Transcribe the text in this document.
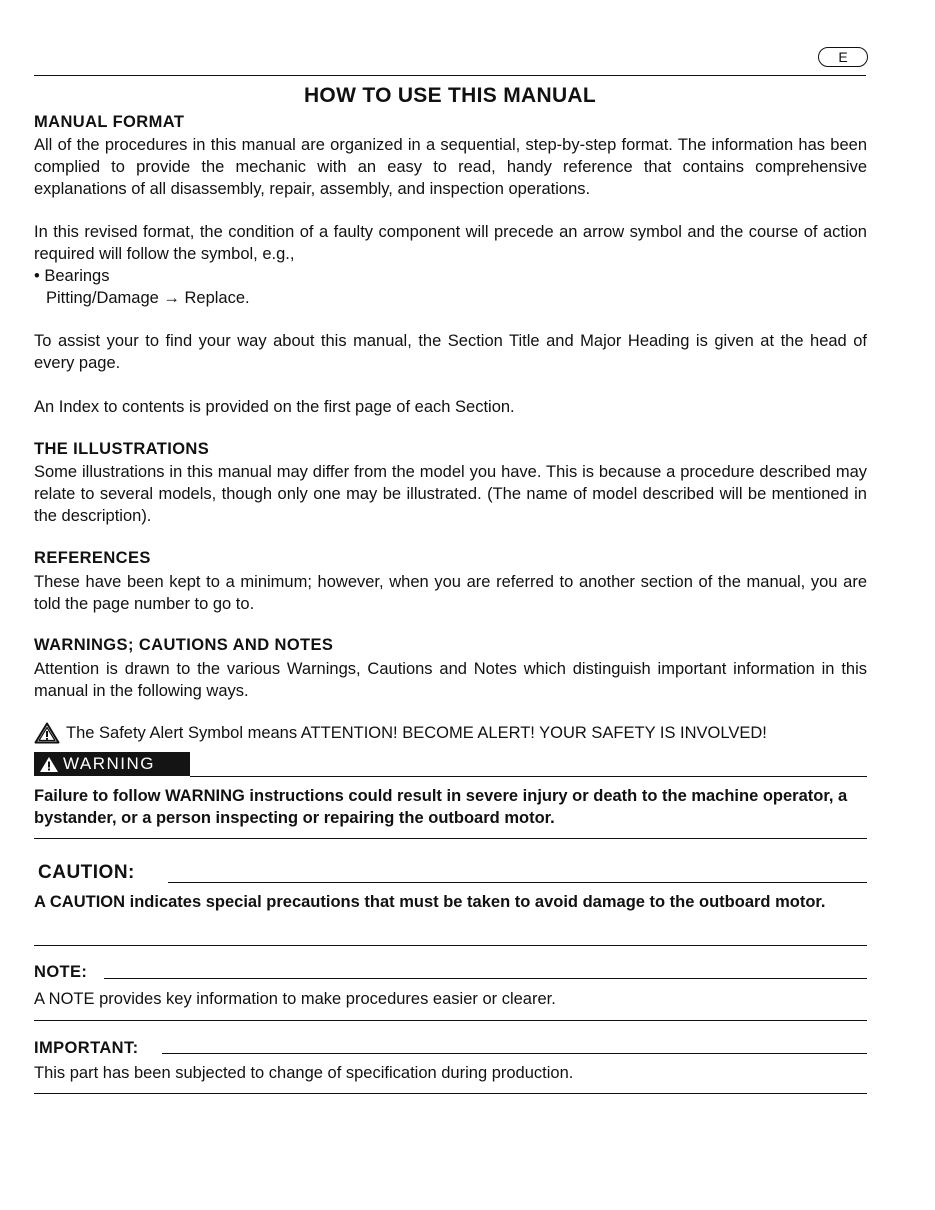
E
HOW TO USE THIS MANUAL
MANUAL FORMAT
All of the procedures in this manual are organized in a sequential, step-by-step format. The information has been complied to provide the mechanic with an easy to read, handy reference that contains comprehensive explanations of all disassembly, repair, assembly, and inspection operations.
In this revised format, the condition of a faulty component will precede an arrow symbol and the course of action required will follow the symbol, e.g.,
• Bearings
Pitting/Damage → Replace.
To assist your to find your way about this manual, the Section Title and Major Heading is given at the head of every page.
An Index to contents is provided on the first page of each Section.
THE ILLUSTRATIONS
Some illustrations in this manual may differ from the model you have. This is because a procedure described may relate to several models, though only one may be illustrated. (The name of model described will be mentioned in the description).
REFERENCES
These have been kept to a minimum; however, when you are referred to another section of the manual, you are told the page number to go to.
WARNINGS; CAUTIONS AND NOTES
Attention is drawn to the various Warnings, Cautions and Notes which distinguish important information in this manual in the following ways.
The Safety Alert Symbol means ATTENTION! BECOME ALERT! YOUR SAFETY IS INVOLVED!
WARNING
Failure to follow WARNING instructions could result in severe injury or death to the machine operator, a bystander, or a person inspecting or repairing the outboard motor.
CAUTION:
A CAUTION indicates special precautions that must be taken to avoid damage to the outboard motor.
NOTE:
A NOTE provides key information to make procedures easier or clearer.
IMPORTANT:
This part has been subjected to change of specification during production.
